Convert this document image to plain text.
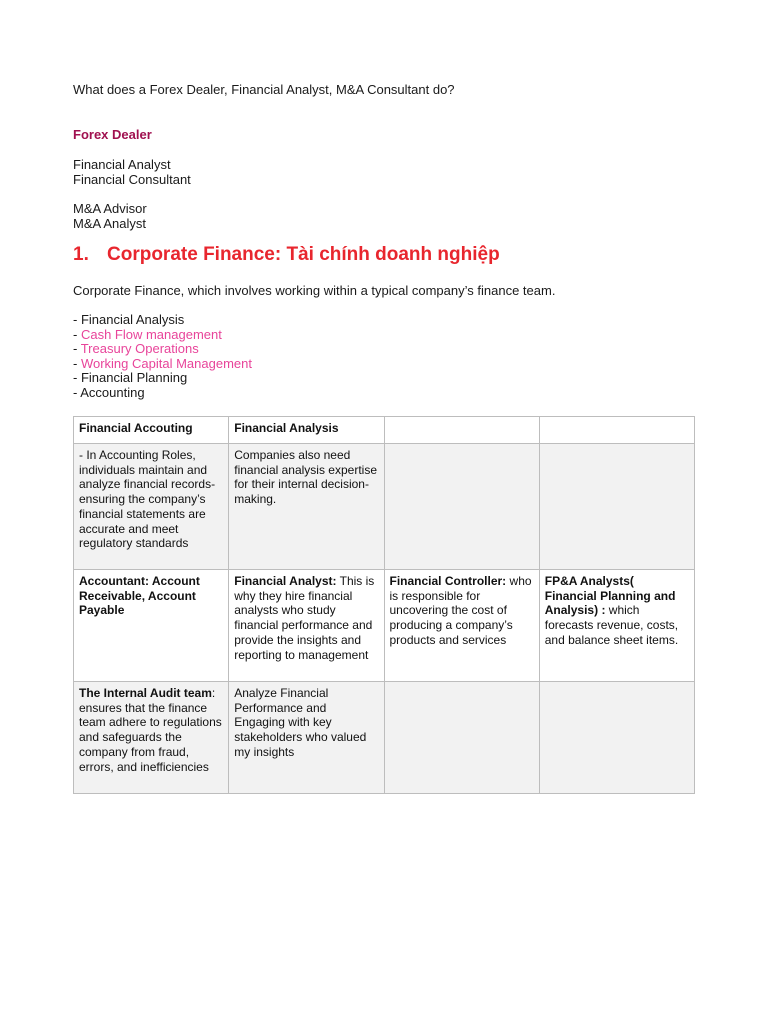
What does a Forex Dealer, Financial Analyst, M&A Consultant do?
Forex Dealer
Financial Analyst
Financial Consultant
M&A Advisor
M&A Analyst
1. Corporate Finance: Tài chính doanh nghiệp
Corporate Finance, which involves working within a typical company’s finance team.
- Financial Analysis
- Cash Flow management
- Treasury Operations
- Working Capital Management
- Financial Planning
- Accounting
Financial Accouting	Financial Analysis		
- In Accounting Roles, individuals maintain and analyze financial records- ensuring the company’s financial statements are accurate and meet regulatory standards	Companies also need financial analysis expertise for their internal decision-making.		
Accountant: Account Receivable, Account Payable	Financial Analyst: This is why they hire financial analysts who study financial performance and provide the insights and reporting to management	Financial Controller: who is responsible for uncovering the cost of producing a company’s products and services	FP&A Analysts( Financial Planning and Analysis) : which forecasts revenue, costs, and balance sheet items.
The Internal Audit team: ensures that the finance team adhere to regulations and safeguards the company from fraud, errors, and inefficiencies	Analyze Financial Performance and Engaging with key stakeholders who valued my insights		
